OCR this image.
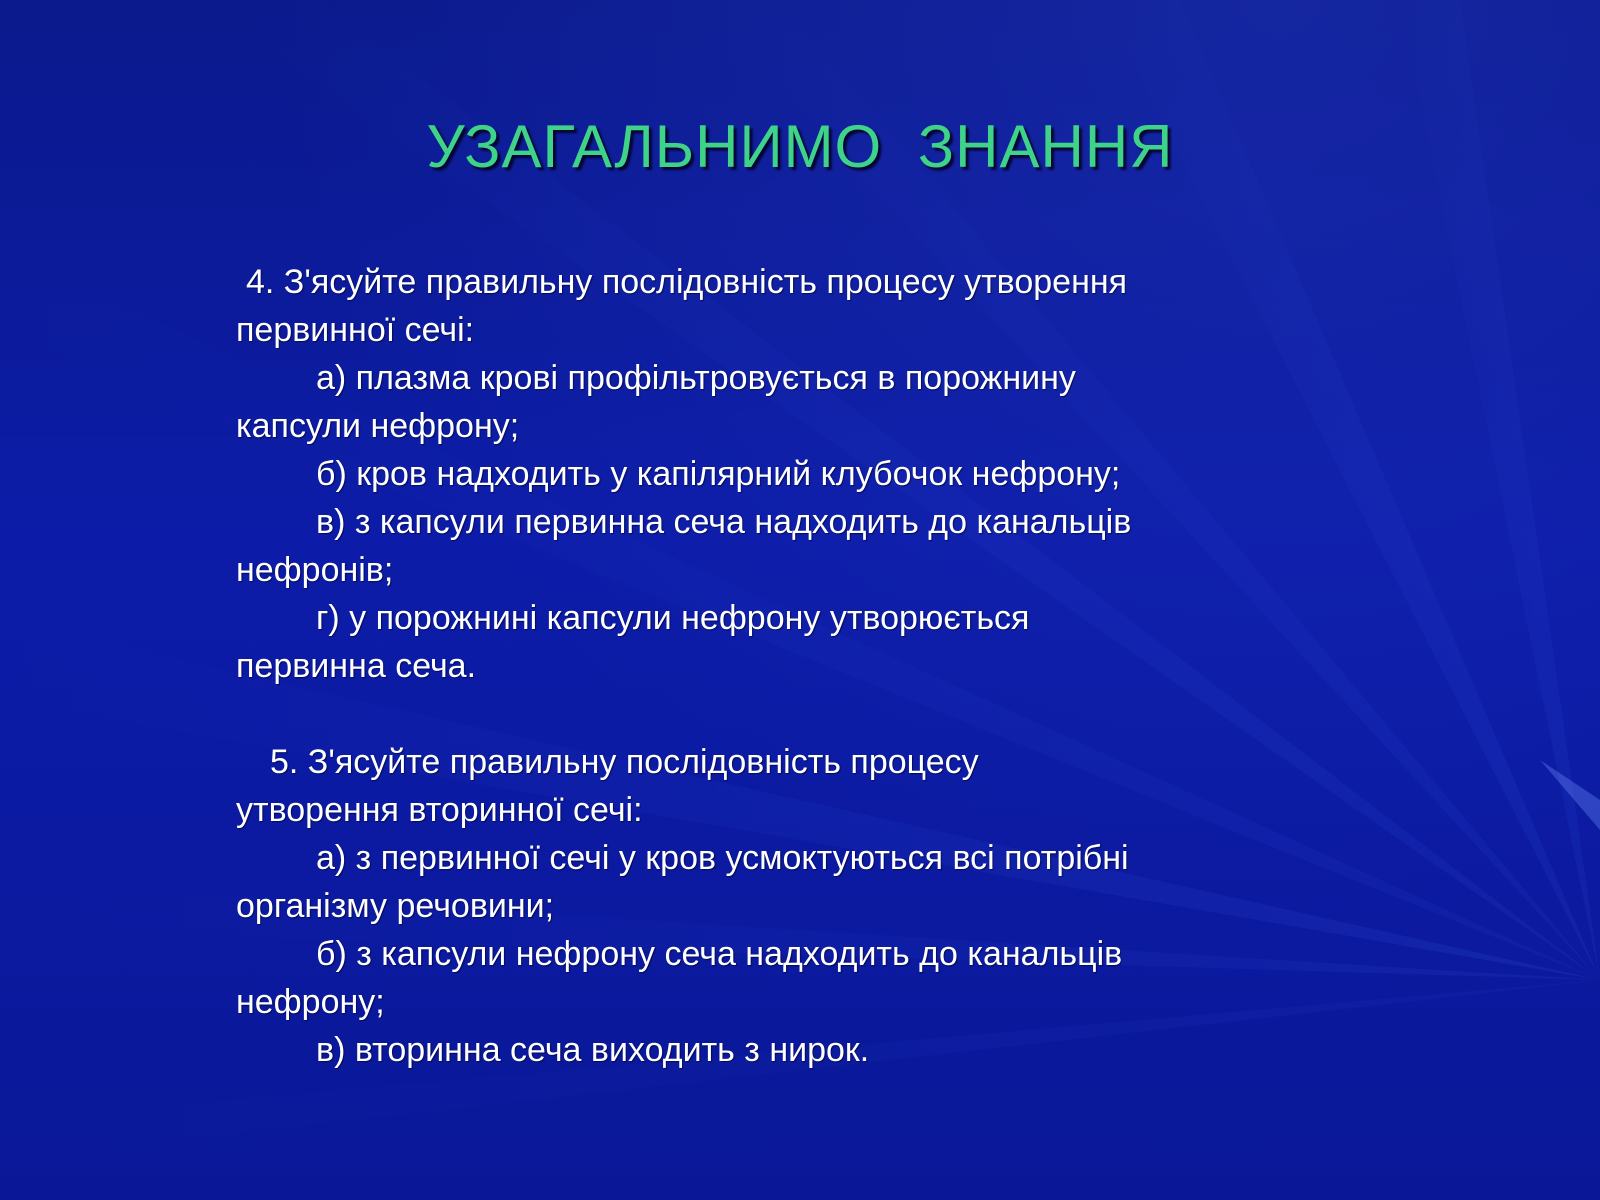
УЗАГАЛЬНИМО ЗНАННЯ
4. З'ясуйте правильну послідовність процесу утворення
первинної сечі:
а) плазма крові профільтровується в порожнину
капсули нефрону;
б) кров надходить у капілярний клубочок нефрону;
в) з капсули первинна сеча надходить до канальців
нефронів;
г) у порожнині капсули нефрону утворюється
первинна сеча.
5. З'ясуйте правильну послідовність процесу
утворення вторинної сечі:
а) з первинної сечі у кров усмоктуються всі потрібні
організму речовини;
б) з капсули нефрону сеча надходить до канальців
нефрону;
в) вторинна сеча виходить з нирок.
